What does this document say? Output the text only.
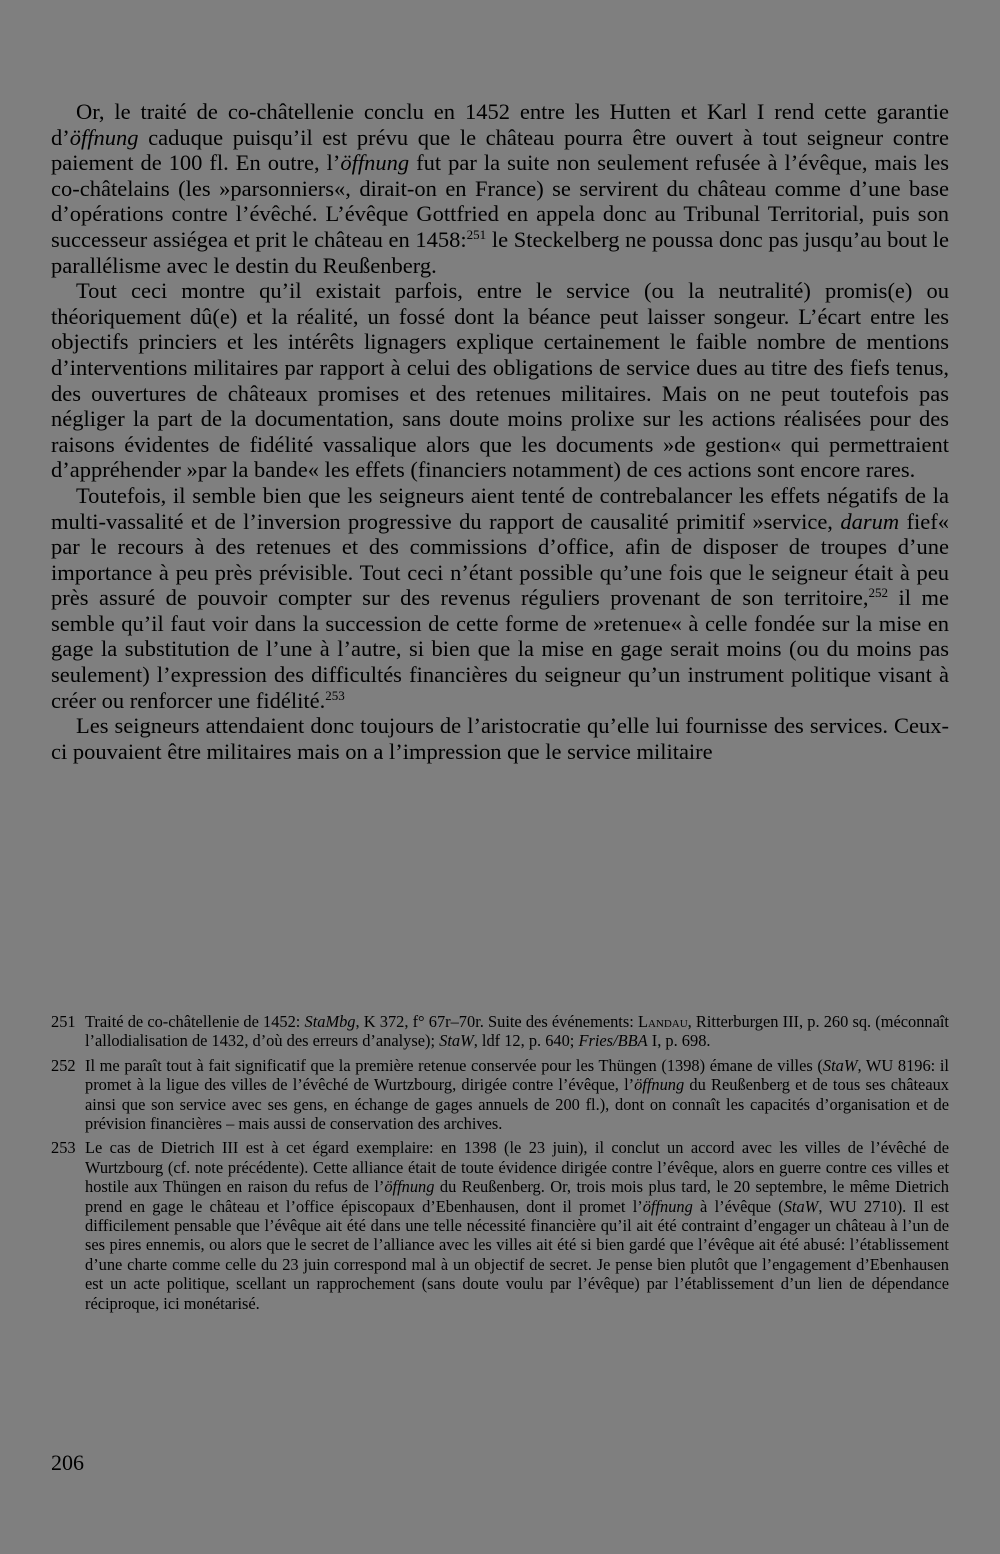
Or, le traité de co-châtellenie conclu en 1452 entre les Hutten et Karl I rend cette garantie d’öffnung caduque puisqu’il est prévu que le château pourra être ouvert à tout seigneur contre paiement de 100 fl. En outre, l’öffnung fut par la suite non seulement refusée à l’évêque, mais les co-châtelains (les »parsonniers«, dirait-on en France) se servirent du château comme d’une base d’opérations contre l’évêché. L’évêque Gottfried en appela donc au Tribunal Territorial, puis son successeur assiégea et prit le château en 1458:$^{251}$ le Steckelberg ne poussa donc pas jusqu’au bout le parallélisme avec le destin du Reußenberg.

Tout ceci montre qu’il existait parfois, entre le service (ou la neutralité) promis(e) ou théoriquement dû(e) et la réalité, un fossé dont la béance peut laisser songeur. L’écart entre les objectifs princiers et les intérêts lignagers explique certainement le faible nombre de mentions d’interventions militaires par rapport à celui des obligations de service dues au titre des fiefs tenus, des ouvertures de châteaux promises et des retenues militaires. Mais on ne peut toutefois pas négliger la part de la documentation, sans doute moins prolixe sur les actions réalisées pour des raisons évidentes de fidélité vassalique alors que les documents »de gestion« qui permettraient d’appréhender »par la bande« les effets (financiers notamment) de ces actions sont encore rares.

Toutefois, il semble bien que les seigneurs aient tenté de contrebalancer les effets négatifs de la multi-vassalité et de l’inversion progressive du rapport de causalité primitif »service, darum fief« par le recours à des retenues et des commissions d’office, afin de disposer de troupes d’une importance à peu près prévisible. Tout ceci n’étant possible qu’une fois que le seigneur était à peu près assuré de pouvoir compter sur des revenus réguliers provenant de son territoire,$^{252}$ il me semble qu’il faut voir dans la succession de cette forme de »retenue« à celle fondée sur la mise en gage la substitution de l’une à l’autre, si bien que la mise en gage serait moins (ou du moins pas seulement) l’expression des difficultés financières du seigneur qu’un instrument politique visant à créer ou renforcer une fidélité.$^{253}$

Les seigneurs attendaient donc toujours de l’aristocratie qu’elle lui fournisse des services. Ceux-ci pouvaient être militaires mais on a l’impression que le service militaire

251 Traité de co-châtellenie de 1452: StaMbg, K 372, f° 67r–70r. Suite des événements: Landau, Ritterburgen III, p. 260 sq. (méconnaît l’allodialisation de 1432, d’où des erreurs d’analyse); StaW, ldf 12, p. 640; Fries/BBA I, p. 698.
252 Il me paraît tout à fait significatif que la première retenue conservée pour les Thüngen (1398) émane de villes (StaW, WU 8196: il promet à la ligue des villes de l’évêché de Wurtzbourg, dirigée contre l’évêque, l’öffnung du Reußenberg et de tous ses châteaux ainsi que son service avec ses gens, en échange de gages annuels de 200 fl.), dont on connaît les capacités d’organisation et de prévision financières – mais aussi de conservation des archives.
253 Le cas de Dietrich III est à cet égard exemplaire: en 1398 (le 23 juin), il conclut un accord avec les villes de l’évêché de Wurtzbourg (cf. note précédente). Cette alliance était de toute évidence dirigée contre l’évêque, alors en guerre contre ces villes et hostile aux Thüngen en raison du refus de l’öffnung du Reußenberg. Or, trois mois plus tard, le 20 septembre, le même Dietrich prend en gage le château et l’office épiscopaux d’Ebenhausen, dont il promet l’öffnung à l’évêque (StaW, WU 2710). Il est difficilement pensable que l’évêque ait été dans une telle nécessité financière qu’il ait été contraint d’engager un château à l’un de ses pires ennemis, ou alors que le secret de l’alliance avec les villes ait été si bien gardé que l’évêque ait été abusé: l’établissement d’une charte comme celle du 23 juin correspond mal à un objectif de secret. Je pense bien plutôt que l’engagement d’Ebenhausen est un acte politique, scellant un rapprochement (sans doute voulu par l’évêque) par l’établissement d’un lien de dépendance réciproque, ici monétarisé.
206
